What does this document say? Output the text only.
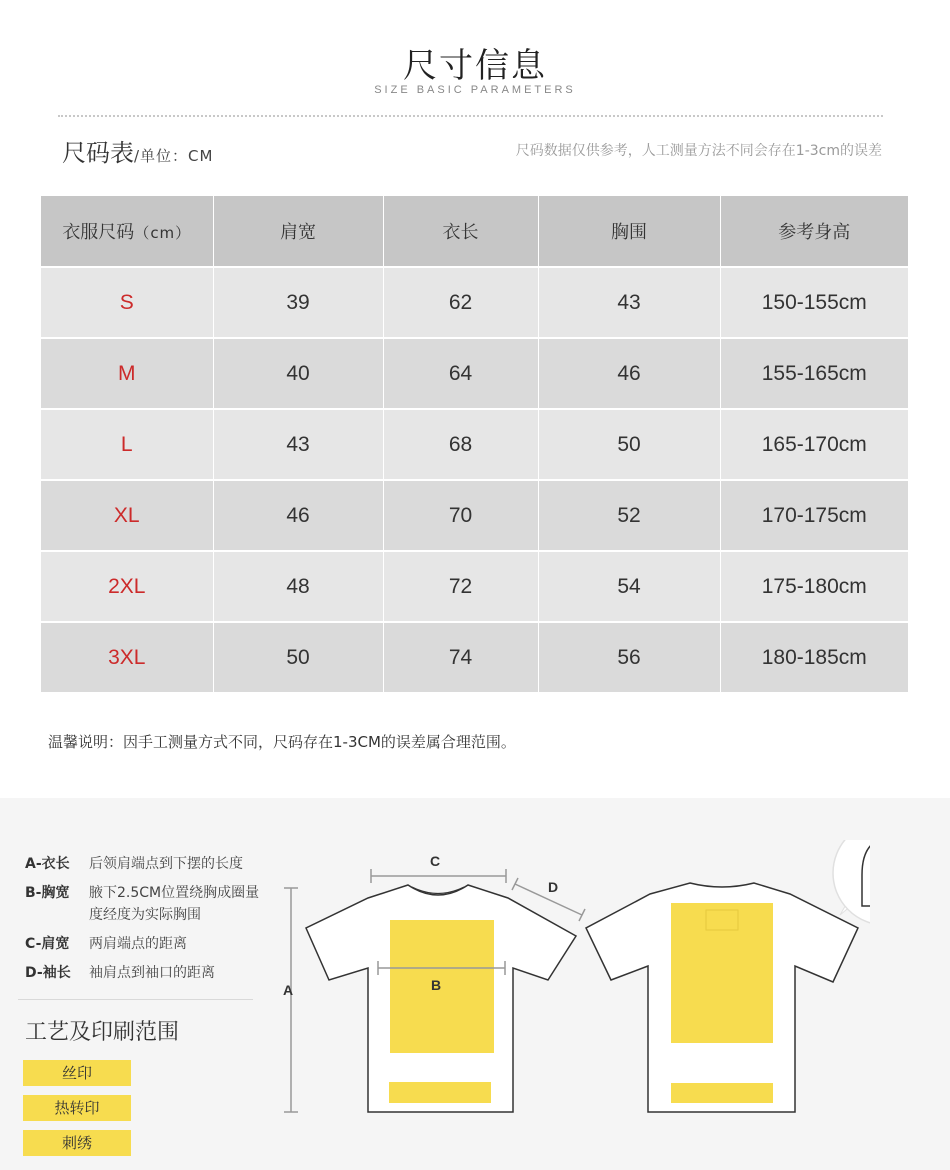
尺寸信息
SIZE BASIC PARAMETERS
尺码表/单位：CM	尺码数据仅供参考，人工测量方法不同会存在1-3cm的误差
衣服尺码（cm）	肩宽	衣长	胸围	参考身高
S	39	62	43	150-155cm
M	40	64	46	155-165cm
L	43	68	50	165-170cm
XL	46	70	52	170-175cm
2XL	48	72	54	175-180cm
3XL	50	74	56	180-185cm
温馨说明：因手工测量方式不同，尺码存在1-3CM的误差属合理范围。
A-衣长	后领肩端点到下摆的长度
B-胸宽	腋下2.5CM位置绕胸成圈量度经度为实际胸围
C-肩宽	两肩端点的距离
D-袖长	袖肩点到袖口的距离
工艺及印刷范围
丝印
热转印
刺绣
A
C
B
D
